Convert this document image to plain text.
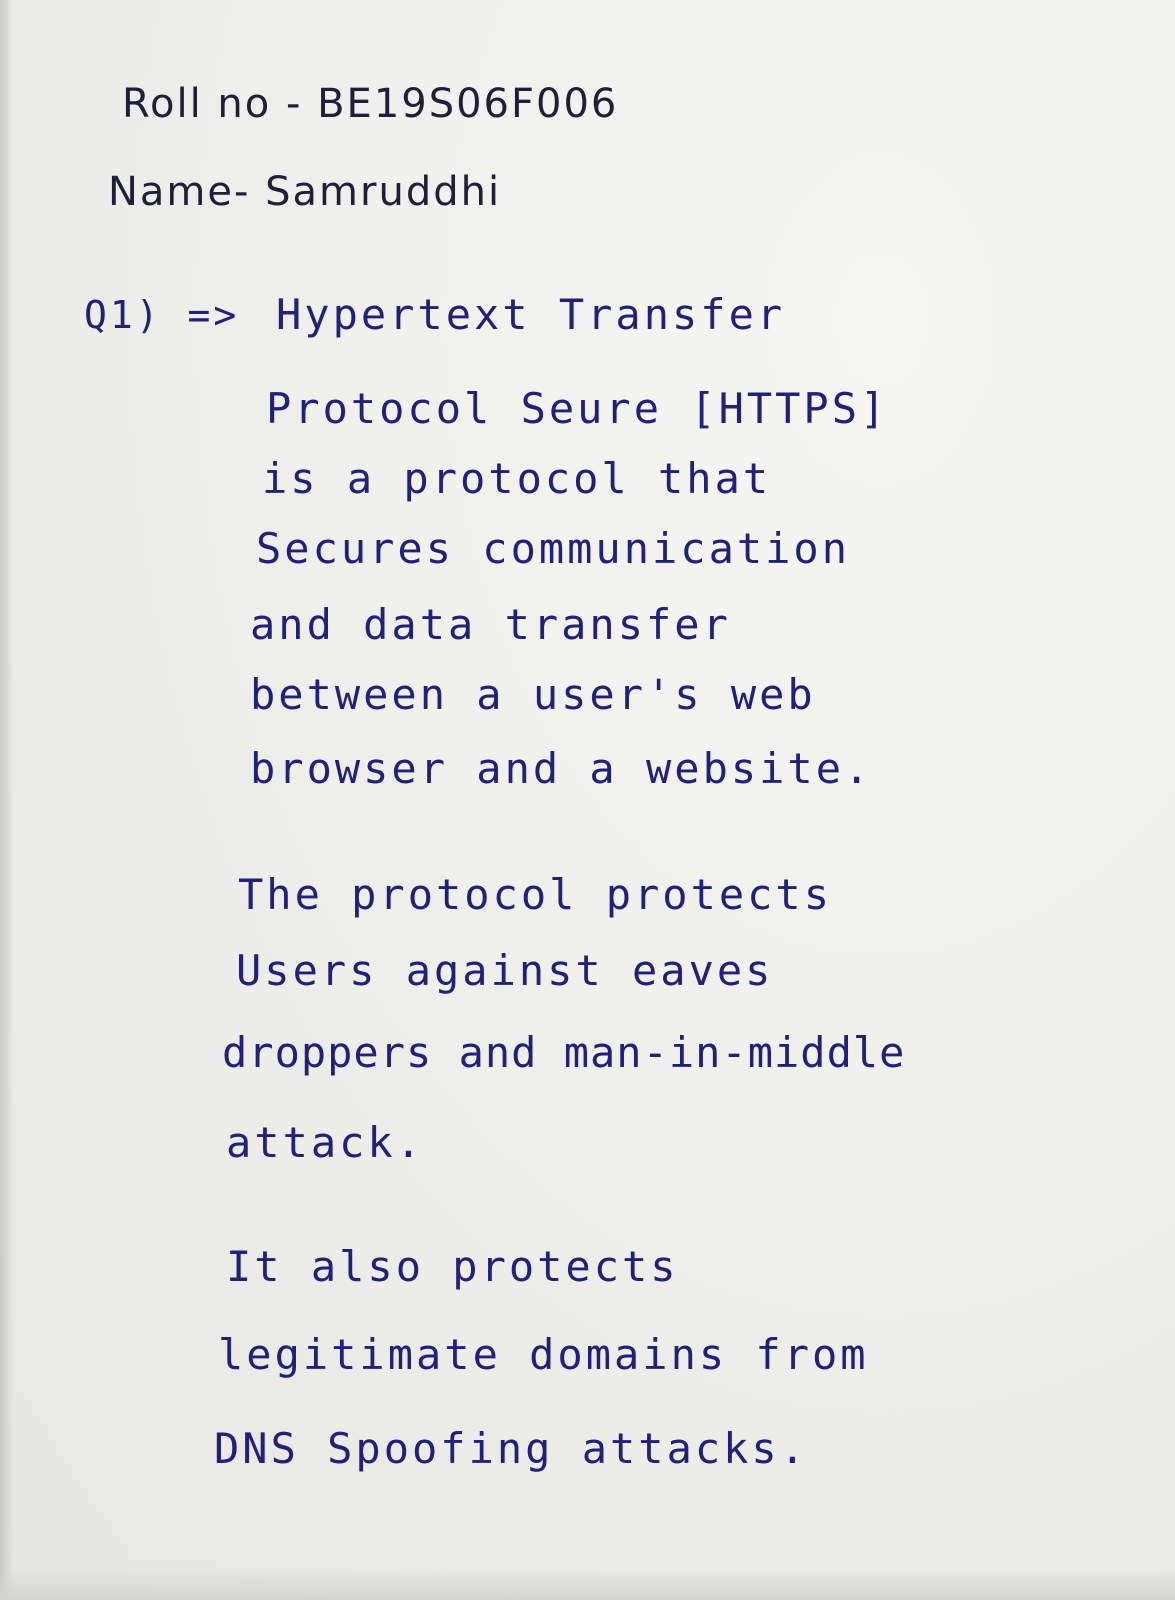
Roll no - BE19S06F006

Name- Samruddhi

Q1) => Hypertext Transfer

Protocol Seure [HTTPS]

is a protocol that

Secures communication

and data transfer

between a user's web

browser and a website.

The protocol protects

Users against eaves

droppers and man-in-middle

attack.

It also protects

legitimate domains from

DNS Spoofing attacks.
